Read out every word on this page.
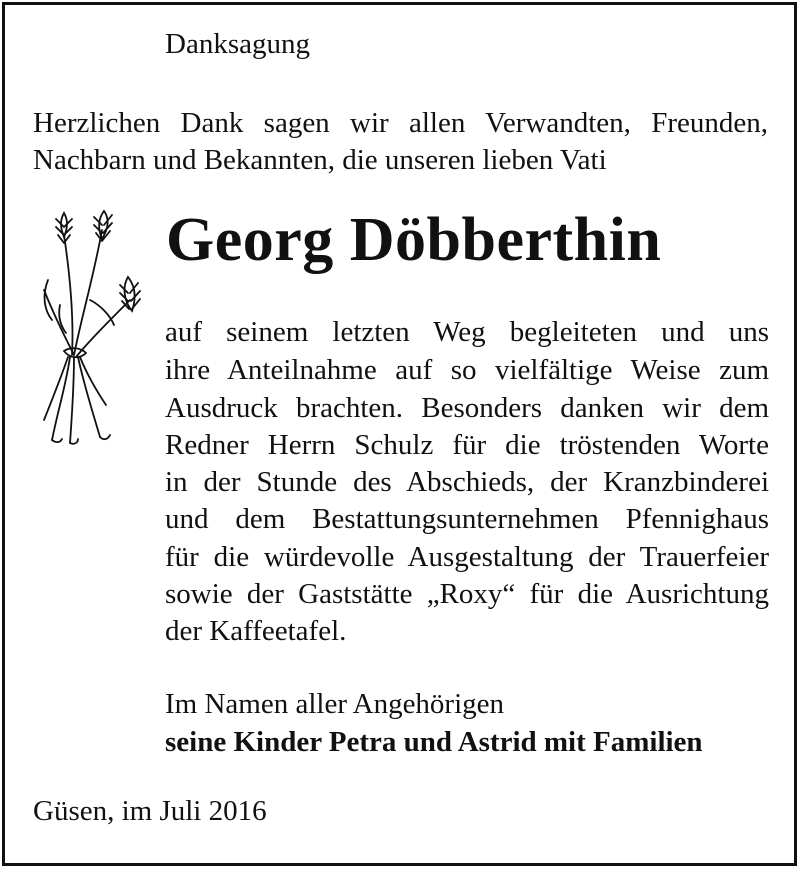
Danksagung
Herzlichen Dank sagen wir allen Verwandten, Freunden,
Nachbarn und Bekannten, die unseren lieben Vati
Georg Döbberthin
auf seinem letzten Weg begleiteten und uns
ihre Anteilnahme auf so vielfältige Weise zum
Ausdruck brachten. Besonders danken wir dem
Redner Herrn Schulz für die tröstenden Worte
in der Stunde des Abschieds, der Kranzbinderei
und dem Bestattungsunternehmen Pfennighaus
für die würdevolle Ausgestaltung der Trauerfeier
sowie der Gaststätte „Roxy“ für die Ausrichtung
der Kaffeetafel.
Im Namen aller Angehörigen
seine Kinder Petra und Astrid mit Familien
Güsen, im Juli 2016
